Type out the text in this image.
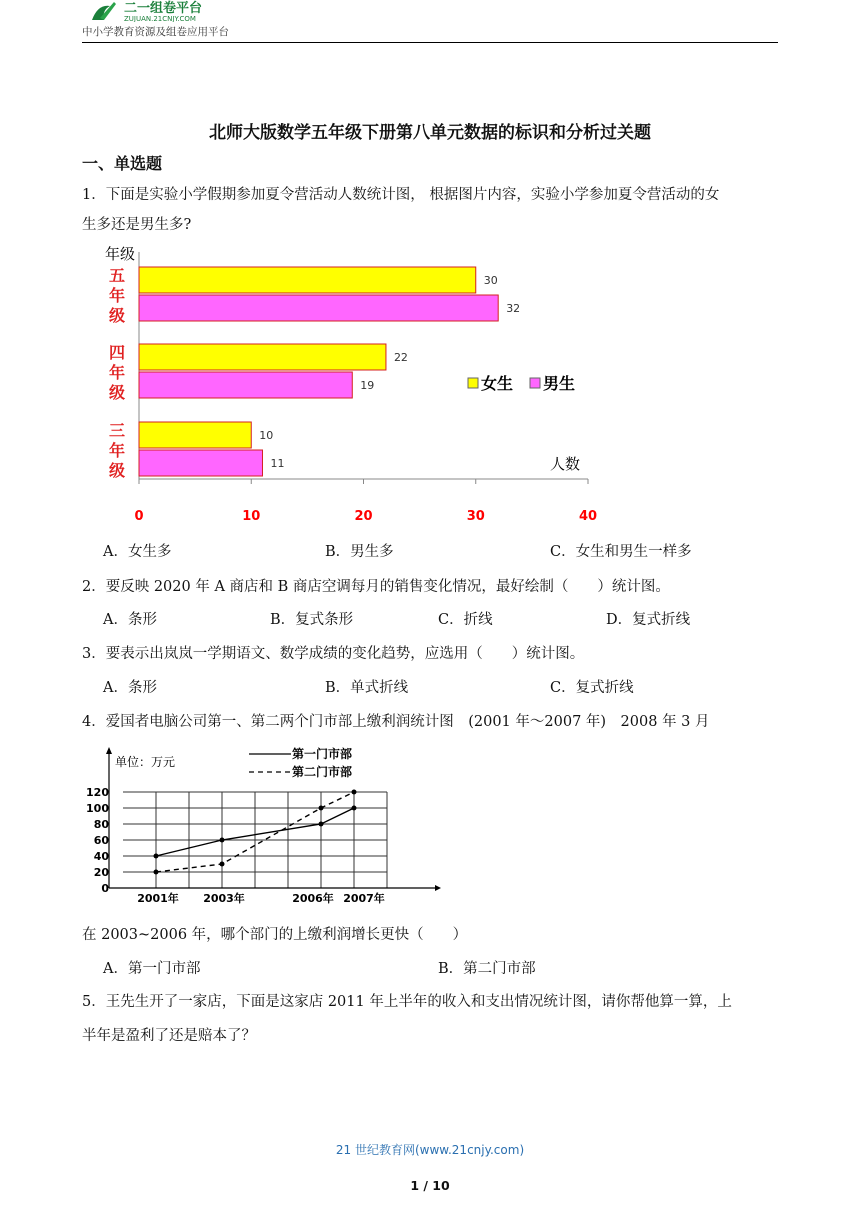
二一组卷平台
ZUJUAN.21CNJY.COM
中小学教育资源及组卷应用平台
北师大版数学五年级下册第八单元数据的标识和分析过关题
一、单选题
1．下面是实验小学假期参加夏令营活动人数统计图， 根据图片内容，实验小学参加夏令营活动的女
生多还是男生多?
年级
人数
0	10	20	30	40
五
年
级
30
32
四
年
级
22
19
三
年
级
10
11
女生 男生
A．女生多	B．男生多	C．女生和男生一样多
2．要反映 2020 年 A 商店和 B 商店空调每月的销售变化情况，最好绘制（　　）统计图。
A．条形	B．复式条形	C．折线	D．复式折线
3．要表示出岚岚一学期语文、数学成绩的变化趋势，应选用（　　）统计图。
A．条形	B．单式折线	C．复式折线
4．爱国者电脑公司第一、第二两个门市部上缴利润统计图　(2001 年～2007 年)　2008 年 3 月
0
20
40
60
80
100
120
单位：万元
第一门市部
第二门市部
2001年 2003年	2006年 2007年
在 2003~2006 年，哪个部门的上缴利润增长更快（　　）
A．第一门市部	B．第二门市部
5．王先生开了一家店，下面是这家店 2011 年上半年的收入和支出情况统计图，请你帮他算一算，上
半年是盈利了还是赔本了？
21 世纪教育网(www.21cnjy.com)
1 / 10
